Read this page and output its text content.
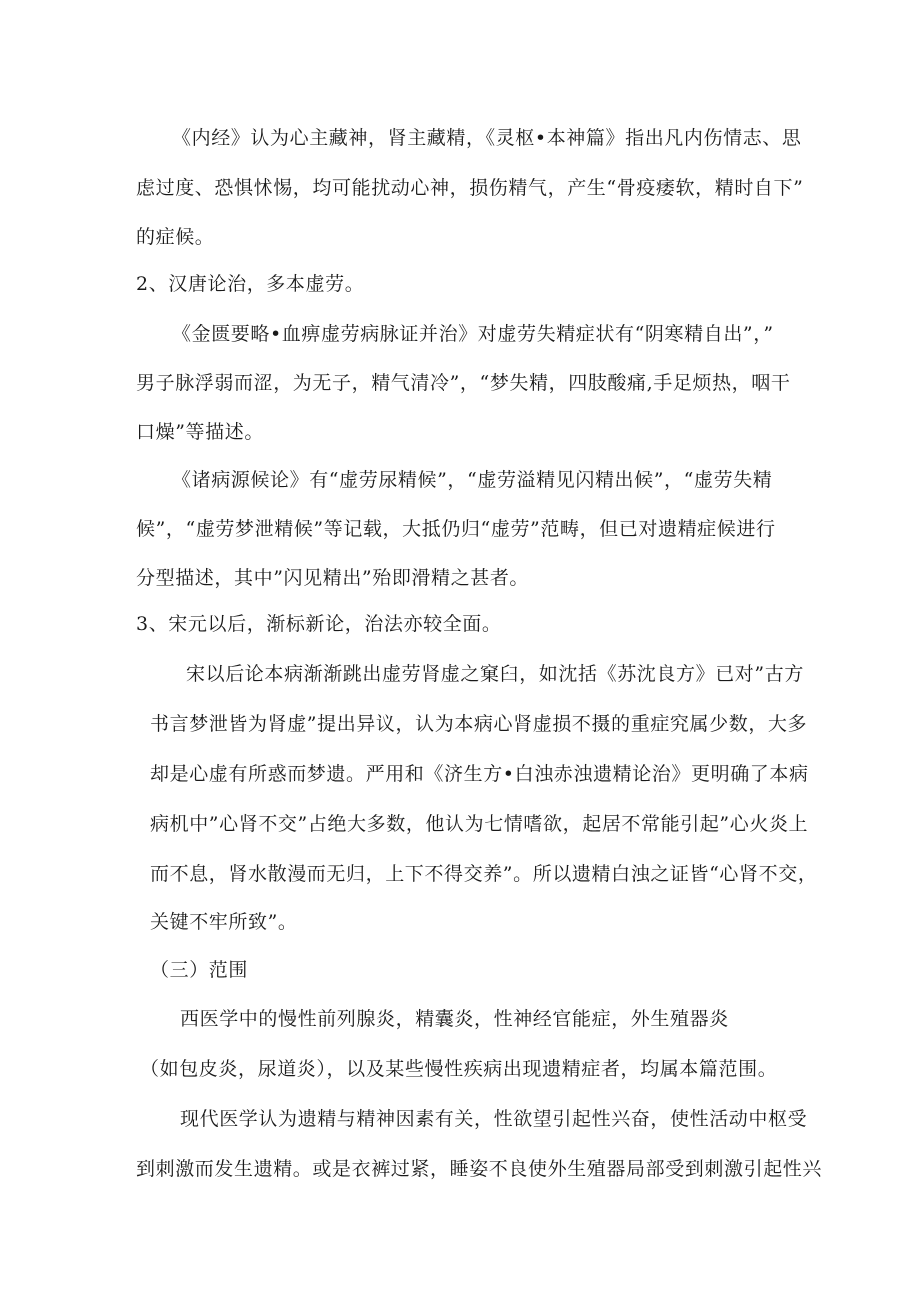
《内经》认为心主藏神，肾主藏精，《灵枢•本神篇》指出凡内伤情志、思
虑过度、恐惧怵惕，均可能扰动心神，损伤精气，产生“骨疫痿软，精时自下”
的症候。
2、汉唐论治，多本虚劳。
《金匮要略•血痹虚劳病脉证并治》对虚劳失精症状有“阴寒精自出”，”
男子脉浮弱而涩，为无子，精气清冷”，“梦失精，四肢酸痛,手足烦热，咽干
口燥”等描述。
《诸病源候论》有“虚劳尿精候”，“虚劳溢精见闪精出候”，“虚劳失精
候”，“虚劳梦泄精候”等记载，大抵仍归“虚劳”范畴，但已对遗精症候进行
分型描述，其中”闪见精出”殆即滑精之甚者。
3、宋元以后，渐标新论，治法亦较全面。
宋以后论本病渐渐跳出虚劳肾虚之窠臼，如沈括《苏沈良方》已对”古方
书言梦泄皆为肾虚”提出异议，认为本病心肾虚损不摄的重症究属少数，大多
却是心虚有所惑而梦遗。严用和《济生方•白浊赤浊遗精论治》更明确了本病
病机中”心肾不交”占绝大多数，他认为七情嗜欲，起居不常能引起”心火炎上
而不息，肾水散漫而无归，上下不得交养”。所以遗精白浊之证皆“心肾不交，
关键不牢所致”。
（三）范围
西医学中的慢性前列腺炎，精囊炎，性神经官能症，外生殖器炎
（如包皮炎，尿道炎），以及某些慢性疾病出现遗精症者，均属本篇范围。
现代医学认为遗精与精神因素有关，性欲望引起性兴奋，使性活动中枢受
到刺激而发生遗精。或是衣裤过紧，睡姿不良使外生殖器局部受到刺激引起性兴
